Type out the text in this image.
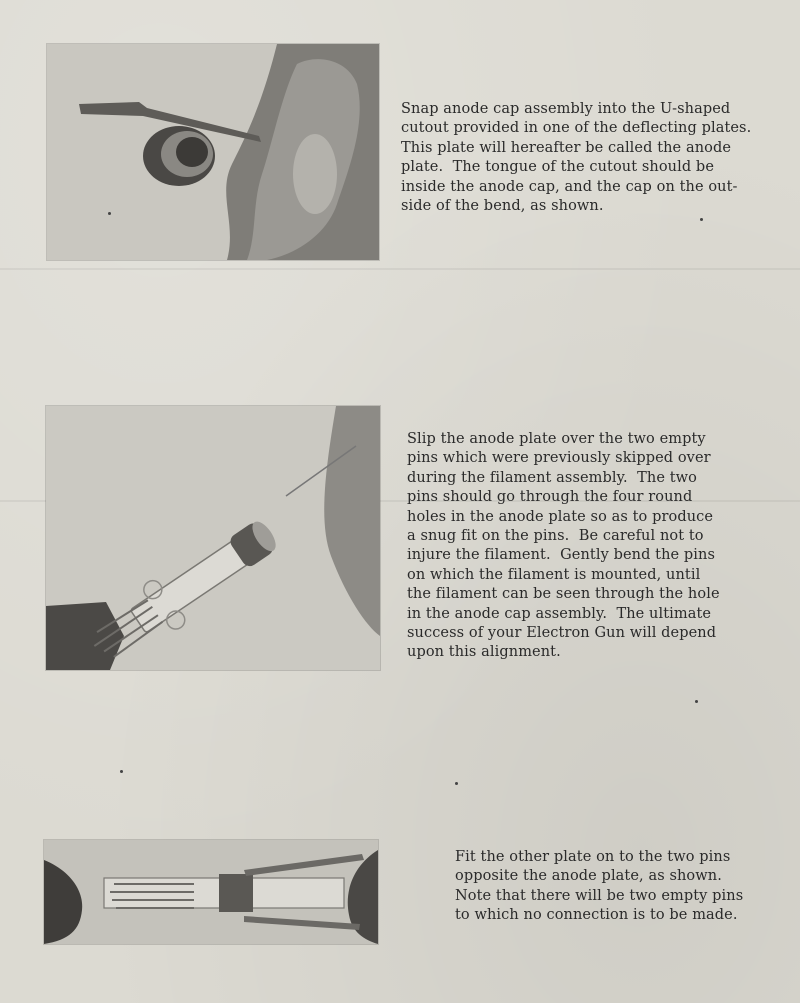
Snap anode cap assembly into the U-shaped
cutout provided in one of the deflecting plates.
This plate will hereafter be called the anode
plate.  The tongue of the cutout should be
inside the anode cap, and the cap on the out-
side of the bend, as shown.
Slip the anode plate over the two empty
pins which were previously skipped over
during the filament assembly.  The two
pins should go through the four round
holes in the anode plate so as to produce
a snug fit on the pins.  Be careful not to
injure the filament.  Gently bend the pins
on which the filament is mounted, until
the filament can be seen through the hole
in the anode cap assembly.  The ultimate
success of your Electron Gun will depend
upon this alignment.
Fit the other plate on to the two pins
opposite the anode plate, as shown.
Note that there will be two empty pins
to which no connection is to be made.
